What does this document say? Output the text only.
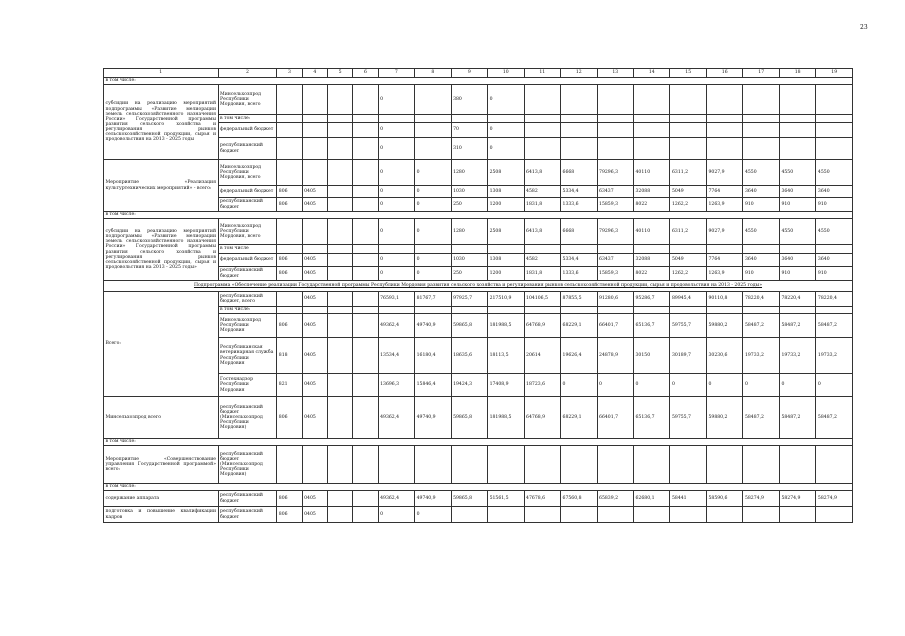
23
1	2	3	4	5	6	7	8	9	10	11	12	13	14	15	16	17	18	19
в том числе:																		
субсидии на реализацию мероприятий подпрограммы «Развитие мелиорации земель сельскохозяйственного назначения России» Государственной программы развития сельского хозяйства и регулирования рынков сельскохозяйственной продукции, сырья и продовольствия на 2013 - 2025 годы	Минсельхозпрод Республики Мордовия, всего					0		380	0									
	в том числе:																	
	федеральный бюджет					0		70	0									
	республиканский бюджет					0		310	0									
Мероприятие «Реализация культуртехнических мероприятий» - всего:	Минсельхозпрод Республики Мордовия, всего					0	0	1280	2508	6413,8	6668	79296,3	40110	6311,2	9027,9	4550	4550	4550
	федеральный бюджет	806	0405			0	0	1030	1308	4582	5334,4	63437	32088	5049	7764	3640	3640	3640
	республиканский бюджет	806	0405			0	0	250	1200	1831,8	1333,6	15859,3	8022	1262,2	1263,9	910	910	910
в том числе:																		
субсидии на реализацию мероприятий подпрограммы «Развитие мелиорации земель сельскохозяйственного назначения России» Государственной программы развития сельского хозяйства и регулирования рынков сельскохозяйственной продукции, сырья и продовольствия на 2013 - 2025 годы»	Минсельхозпрод Республики Мордовия, всего					0	0	1280	2508	6413,8	6668	79296,3	40110	6311,2	9027,9	4550	4550	4550
	в том числе																	
	федеральный бюджет	806	0405			0	0	1030	1308	4582	5334,4	63437	32088	5049	7764	3640	3640	3640
	республиканский бюджет	806	0405			0	0	250	1200	1831,8	1333,6	15859,3	8022	1262,2	1263,9	910	910	910
Подпрограмма «Обеспечение реализации Государственной программы Республики Мордовия развития сельского хозяйства и регулирования рынков сельскохозяйственной продукции, сырья и продовольствия на 2013 - 2025 годы»																		
Всего:	республиканский бюджет, всего		0405			76593,1	81767,7	97925,7	217510,9	104106,5	87855,5	91280,6	95286,7	89945,4	90110,8	78220,4	78220,4	78220,4
	в том числе:																	
	Минсельхозпрод Республики Мордовия	806	0405			49362,4	49740,9	59865,8	181988,5	64768,9	68229,1	66401,7	65136,7	59755,7	59880,2	58487,2	58487,2	58487,2
	Республиканская ветеринарная служба Республики Мордовия	818	0405			13534,4	16180,4	18635,6	18113,5	20614	19626,4	24878,9	30150	30189,7	30230,6	19733,2	19733,2	19733,2
	Гостехнадзор Республики Мордовия	821	0405			13696,3	15846,4	19424,3	17408,9	18723,6	0	0	0	0	0	0	0	0
Минсельхозпрод всего	республиканский бюджет (Минсельхозпрод Республики Мордовия)	806	0405			49362,4	49740,9	59865,8	181988,5	64768,9	68229,1	66401,7	65136,7	59755,7	59880,2	58487,2	58487,2	58487,2
в том числе:																		
Мероприятие «Совершенствование управления Государственной программой» всего:	республиканский бюджет (Минсельхозпрод Республики Мордовия)																	
в том числе:																		
содержание аппарата	республиканский бюджет	806	0405			49362,4	49740,9	59865,8	51561,5	47678,6	67560,8	65839,2	62680,1	58441	58590,6	58274,9	58274,9	58274,9
подготовка и повышение квалификации кадров	республиканский бюджет	806	0405			0	0											
